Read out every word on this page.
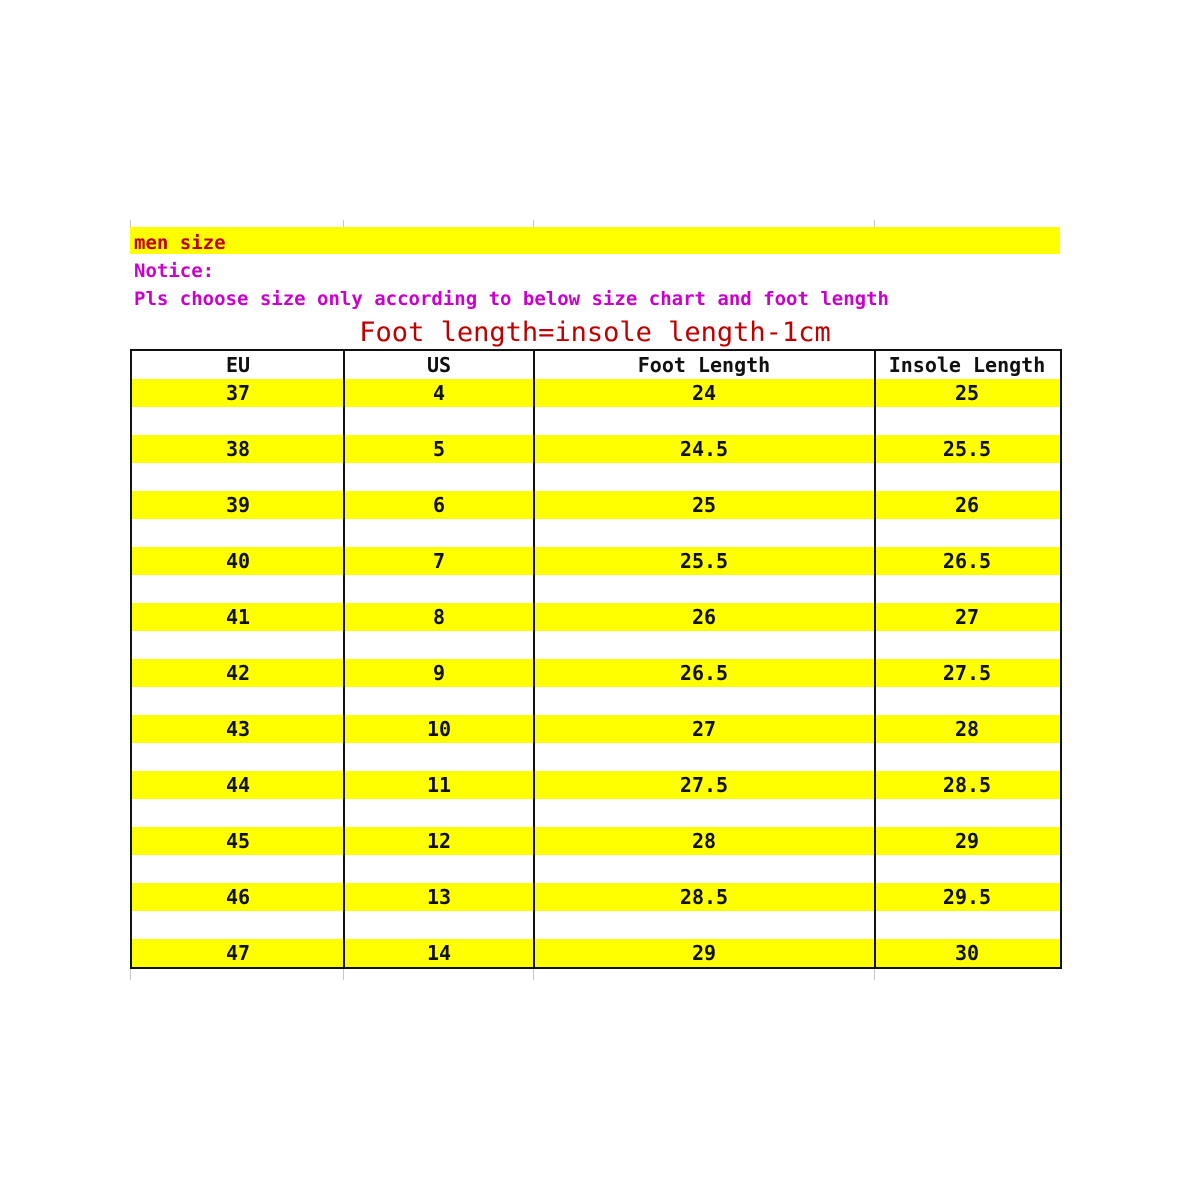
men size
Notice:
Pls choose size only according to below size chart and foot length
Foot length=insole length-1cm
EU	US	Foot Length	Insole Length
37	4	24	25
38	5	24.5	25.5
39	6	25	26
40	7	25.5	26.5
41	8	26	27
42	9	26.5	27.5
43	10	27	28
44	11	27.5	28.5
45	12	28	29
46	13	28.5	29.5
47	14	29	30
